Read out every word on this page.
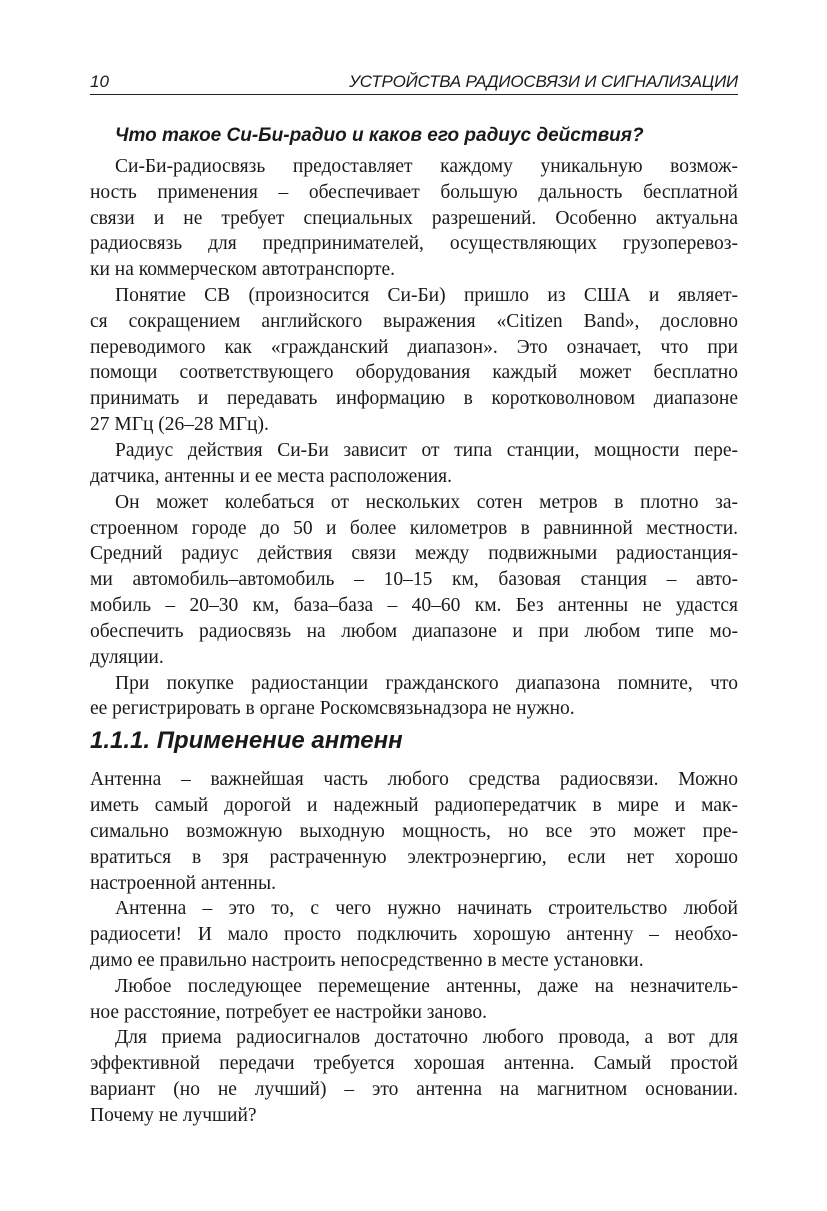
10	УСТРОЙСТВА РАДИОСВЯЗИ И СИГНАЛИЗАЦИИ
Что такое Си-Би-радио и каков его радиус действия?
1.1.1. Применение антенн
Си-Би-радиосвязь предоставляет каждому уникальную возмож-
ность применения – обеспечивает большую дальность бесплатной
связи и не требует специальных разрешений. Особенно актуальна
радиосвязь для предпринимателей, осуществляющих грузоперевоз-
ки на коммерческом автотранспорте.
Понятие СВ (произносится Си-Би) пришло из США и являет-
ся сокращением английского выражения «Citizen Band», дословно
переводимого как «гражданский диапазон». Это означает, что при
помощи соответствующего оборудования каждый может бесплатно
принимать и передавать информацию в коротковолновом диапазоне
27 МГц (26–28 МГц).
Радиус действия Си-Би зависит от типа станции, мощности пере-
датчика, антенны и ее места расположения.
Он может колебаться от нескольких сотен метров в плотно за-
строенном городе до 50 и более километров в равнинной местности.
Средний радиус действия связи между подвижными радиостанция-
ми автомобиль–автомобиль – 10–15 км, базовая станция – авто-
мобиль – 20–30 км, база–база – 40–60 км. Без антенны не удастся
обеспечить радиосвязь на любом диапазоне и при любом типе мо-
дуляции.
При покупке радиостанции гражданского диапазона помните, что
ее регистрировать в органе Роскомсвязьнадзора не нужно.
Антенна – важнейшая часть любого средства радиосвязи. Можно
иметь самый дорогой и надежный радиопередатчик в мире и мак-
симально возможную выходную мощность, но все это может пре-
вратиться в зря растраченную электроэнергию, если нет хорошо
настроенной антенны.
Антенна – это то, с чего нужно начинать строительство любой
радиосети! И мало просто подключить хорошую антенну – необхо-
димо ее правильно настроить непосредственно в месте установки.
Любое последующее перемещение антенны, даже на незначитель-
ное расстояние, потребует ее настройки заново.
Для приема радиосигналов достаточно любого провода, а вот для
эффективной передачи требуется хорошая антенна. Самый простой
вариант (но не лучший) – это антенна на магнитном основании.
Почему не лучший?
